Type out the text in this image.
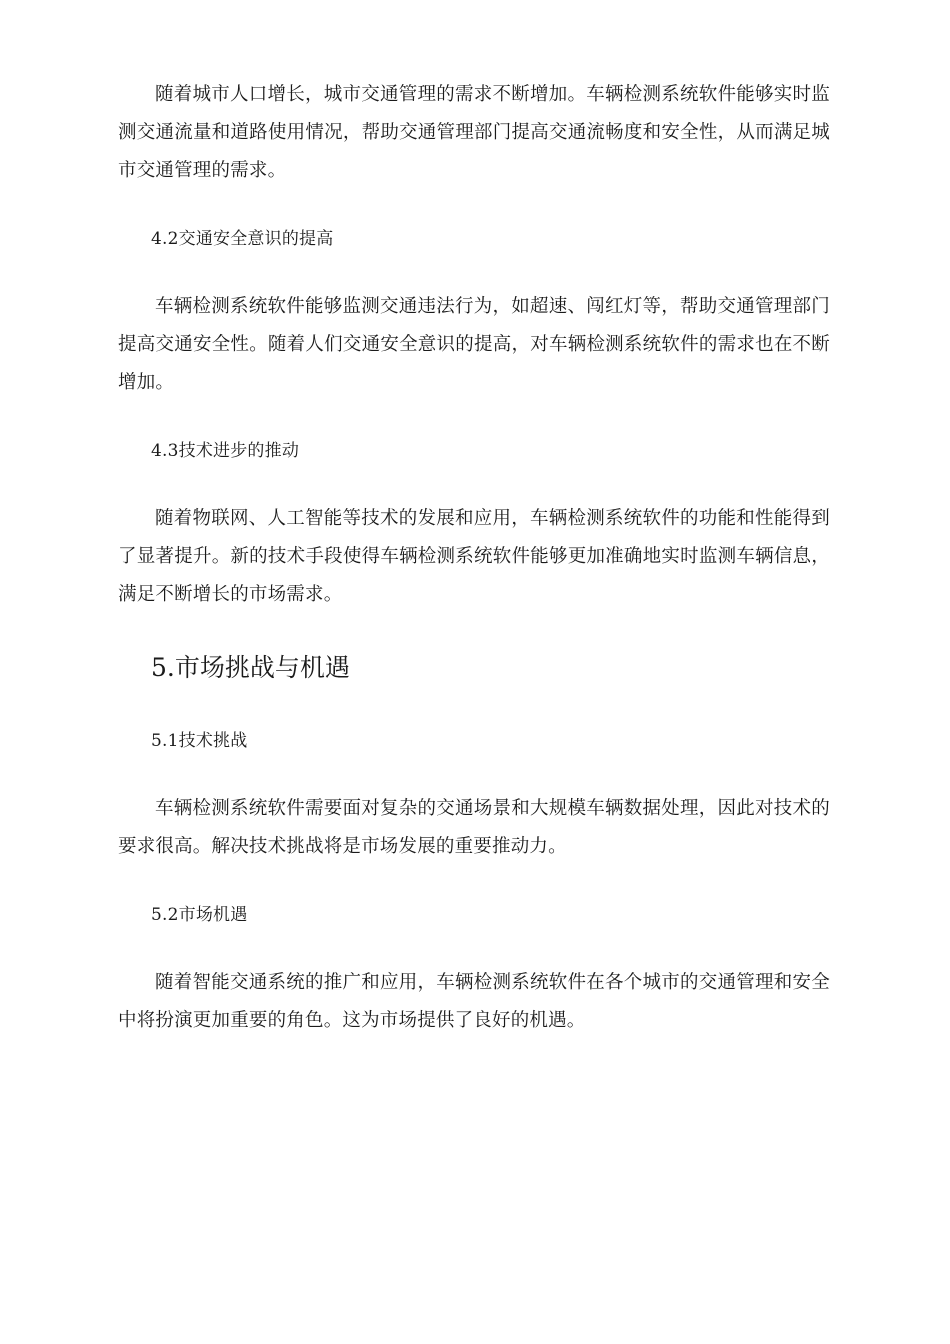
随着城市人口增长，城市交通管理的需求不断增加。车辆检测系统软件能够实时监测交通流量和道路使用情况，帮助交通管理部门提高交通流畅度和安全性，从而满足城市交通管理的需求。

4.2交通安全意识的提高

车辆检测系统软件能够监测交通违法行为，如超速、闯红灯等，帮助交通管理部门提高交通安全性。随着人们交通安全意识的提高，对车辆检测系统软件的需求也在不断增加。

4.3技术进步的推动

随着物联网、人工智能等技术的发展和应用，车辆检测系统软件的功能和性能得到了显著提升。新的技术手段使得车辆检测系统软件能够更加准确地实时监测车辆信息，满足不断增长的市场需求。

5.市场挑战与机遇

5.1技术挑战

车辆检测系统软件需要面对复杂的交通场景和大规模车辆数据处理，因此对技术的要求很高。解决技术挑战将是市场发展的重要推动力。

5.2市场机遇

随着智能交通系统的推广和应用，车辆检测系统软件在各个城市的交通管理和安全中将扮演更加重要的角色。这为市场提供了良好的机遇。
